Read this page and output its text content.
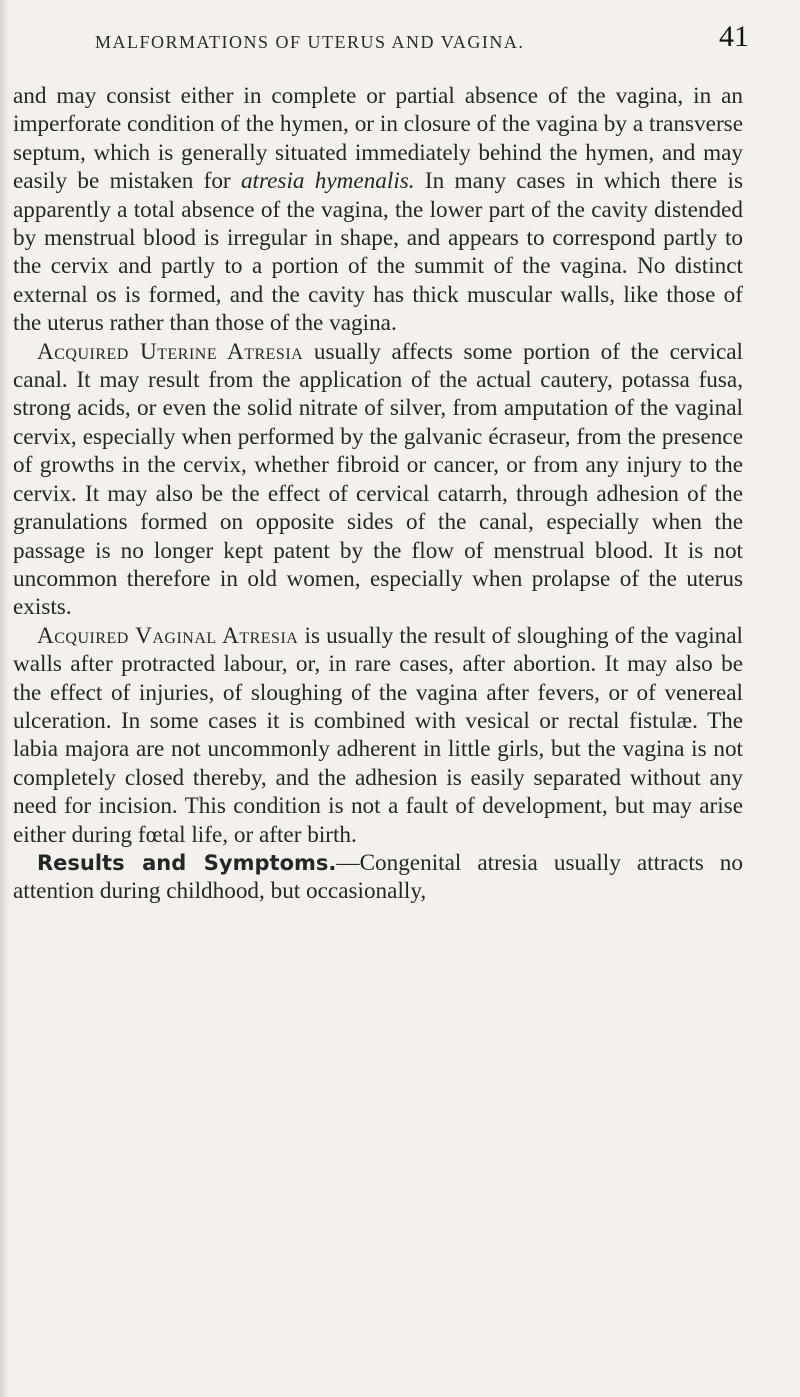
MALFORMATIONS OF UTERUS AND VAGINA.	41

and may consist either in complete or partial absence of the vagina, in an imperforate condition of the hymen, or in closure of the vagina by a transverse septum, which is generally situated immediately behind the hymen, and may easily be mistaken for atresia hymenalis. In many cases in which there is apparently a total absence of the vagina, the lower part of the cavity distended by menstrual blood is irregular in shape, and appears to correspond partly to the cervix and partly to a portion of the summit of the vagina. No distinct external os is formed, and the cavity has thick muscular walls, like those of the uterus rather than those of the vagina.

Acquired Uterine Atresia usually affects some portion of the cervical canal. It may result from the application of the actual cautery, potassa fusa, strong acids, or even the solid nitrate of silver, from amputation of the vaginal cervix, especially when performed by the galvanic écraseur, from the presence of growths in the cervix, whether fibroid or cancer, or from any injury to the cervix. It may also be the effect of cervical catarrh, through adhesion of the granulations formed on opposite sides of the canal, especially when the passage is no longer kept patent by the flow of menstrual blood. It is not uncommon therefore in old women, especially when prolapse of the uterus exists.

Acquired Vaginal Atresia is usually the result of sloughing of the vaginal walls after protracted labour, or, in rare cases, after abortion. It may also be the effect of injuries, of sloughing of the vagina after fevers, or of venereal ulceration. In some cases it is combined with vesical or rectal fistulæ. The labia majora are not uncommonly adherent in little girls, but the vagina is not completely closed thereby, and the adhesion is easily separated without any need for incision. This condition is not a fault of development, but may arise either during fœtal life, or after birth.

Results and Symptoms.—Congenital atresia usually attracts no attention during childhood, but occasionally,
